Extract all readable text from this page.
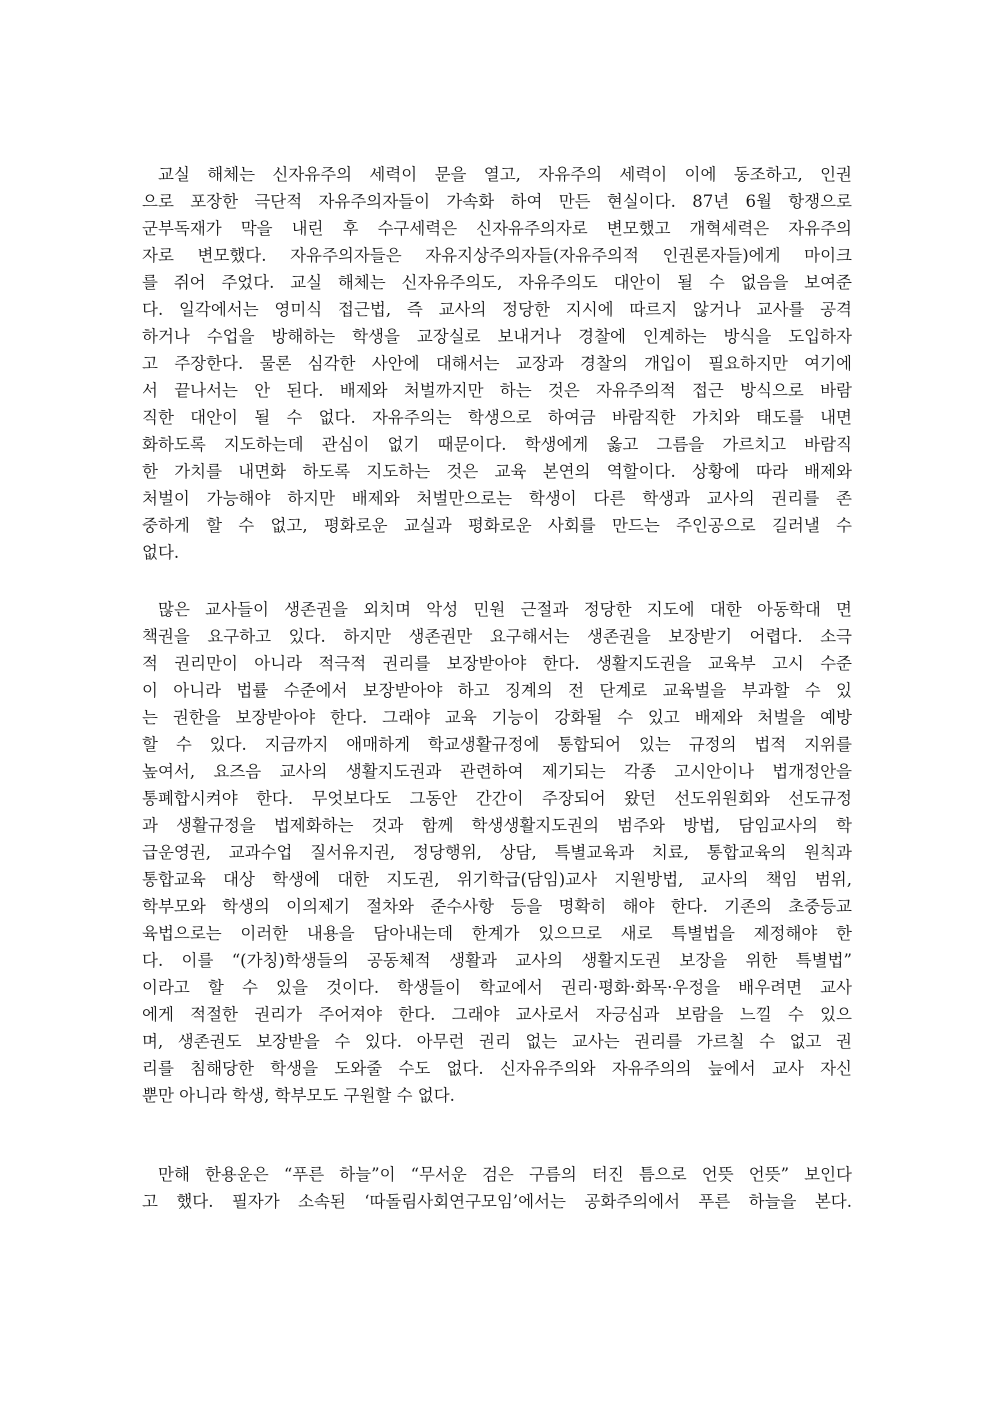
교실 해체는 신자유주의 세력이 문을 열고, 자유주의 세력이 이에 동조하고, 인권
으로 포장한 극단적 자유주의자들이 가속화 하여 만든 현실이다. 87년 6월 항쟁으로
군부독재가 막을 내린 후 수구세력은 신자유주의자로 변모했고 개혁세력은 자유주의
자로 변모했다. 자유주의자들은 자유지상주의자들(자유주의적 인권론자들)에게 마이크
를 쥐어 주었다. 교실 해체는 신자유주의도, 자유주의도 대안이 될 수 없음을 보여준
다. 일각에서는 영미식 접근법, 즉 교사의 정당한 지시에 따르지 않거나 교사를 공격
하거나 수업을 방해하는 학생을 교장실로 보내거나 경찰에 인계하는 방식을 도입하자
고 주장한다. 물론 심각한 사안에 대해서는 교장과 경찰의 개입이 필요하지만 여기에
서 끝나서는 안 된다. 배제와 처벌까지만 하는 것은 자유주의적 접근 방식으로 바람
직한 대안이 될 수 없다. 자유주의는 학생으로 하여금 바람직한 가치와 태도를 내면
화하도록 지도하는데 관심이 없기 때문이다. 학생에게 옳고 그름을 가르치고 바람직
한 가치를 내면화 하도록 지도하는 것은 교육 본연의 역할이다. 상황에 따라 배제와
처벌이 가능해야 하지만 배제와 처벌만으로는 학생이 다른 학생과 교사의 권리를 존
중하게 할 수 없고, 평화로운 교실과 평화로운 사회를 만드는 주인공으로 길러낼 수
없다.
많은 교사들이 생존권을 외치며 악성 민원 근절과 정당한 지도에 대한 아동학대 면
책권을 요구하고 있다. 하지만 생존권만 요구해서는 생존권을 보장받기 어렵다. 소극
적 권리만이 아니라 적극적 권리를 보장받아야 한다. 생활지도권을 교육부 고시 수준
이 아니라 법률 수준에서 보장받아야 하고 징계의 전 단계로 교육벌을 부과할 수 있
는 권한을 보장받아야 한다. 그래야 교육 기능이 강화될 수 있고 배제와 처벌을 예방
할 수 있다. 지금까지 애매하게 학교생활규정에 통합되어 있는 규정의 법적 지위를
높여서, 요즈음 교사의 생활지도권과 관련하여 제기되는 각종 고시안이나 법개정안을
통폐합시켜야 한다. 무엇보다도 그동안 간간이 주장되어 왔던 선도위원회와 선도규정
과 생활규정을 법제화하는 것과 함께 학생생활지도권의 범주와 방법, 담임교사의 학
급운영권, 교과수업 질서유지권, 정당행위, 상담, 특별교육과 치료, 통합교육의 원칙과
통합교육 대상 학생에 대한 지도권, 위기학급(담임)교사 지원방법, 교사의 책임 범위,
학부모와 학생의 이의제기 절차와 준수사항 등을 명확히 해야 한다. 기존의 초중등교
육법으로는 이러한 내용을 담아내는데 한계가 있으므로 새로 특별법을 제정해야 한
다. 이를 “(가칭)학생들의 공동체적 생활과 교사의 생활지도권 보장을 위한 특별법”
이라고 할 수 있을 것이다. 학생들이 학교에서 권리·평화·화목·우정을 배우려면 교사
에게 적절한 권리가 주어져야 한다. 그래야 교사로서 자긍심과 보람을 느낄 수 있으
며, 생존권도 보장받을 수 있다. 아무런 권리 없는 교사는 권리를 가르칠 수 없고 권
리를 침해당한 학생을 도와줄 수도 없다. 신자유주의와 자유주의의 늪에서 교사 자신
뿐만 아니라 학생, 학부모도 구원할 수 없다.
만해 한용운은 “푸른 하늘”이 “무서운 검은 구름의 터진 틈으로 언뜻 언뜻” 보인다
고 했다. 필자가 소속된 ‘따돌림사회연구모임’에서는 공화주의에서 푸른 하늘을 본다.
